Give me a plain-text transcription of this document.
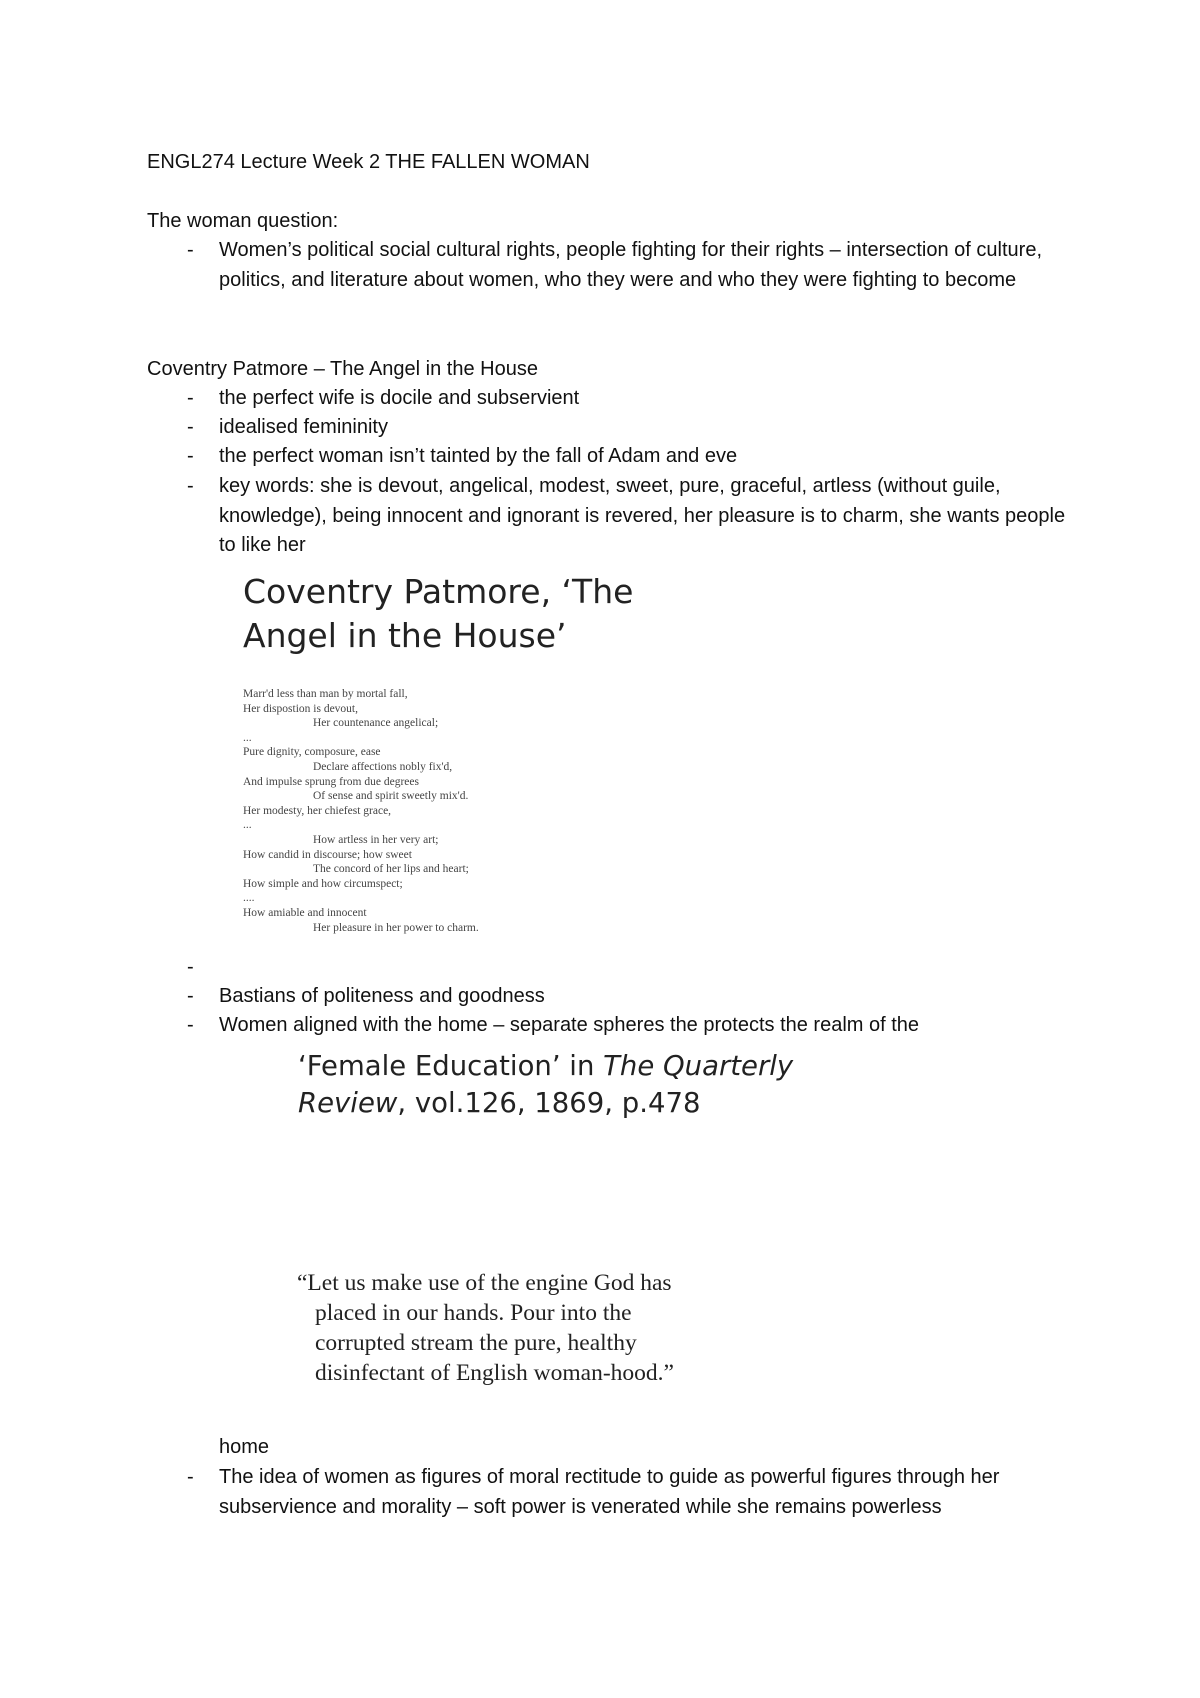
ENGL274 Lecture Week 2 THE FALLEN WOMAN
The woman question:
- Women’s political social cultural rights, people fighting for their rights – intersection of culture, politics, and literature about women, who they were and who they were fighting to become
Coventry Patmore – The Angel in the House
- the perfect wife is docile and subservient
- idealised femininity
- the perfect woman isn’t tainted by the fall of Adam and eve
- key words: she is devout, angelical, modest, sweet, pure, graceful, artless (without guile, knowledge), being innocent and ignorant is revered, her pleasure is to charm, she wants people to like her
Coventry Patmore, ‘The
Angel in the House’
Marr'd less than man by mortal fall,
Her dispostion is devout,
Her countenance angelical;
...
Pure dignity, composure, ease
Declare affections nobly fix'd,
And impulse sprung from due degrees
Of sense and spirit sweetly mix'd.
Her modesty, her chiefest grace,
...
How artless in her very art;
How candid in discourse; how sweet
The concord of her lips and heart;
How simple and how circumspect;
....
How amiable and innocent
Her pleasure in her power to charm.
-
- Bastians of politeness and goodness
- Women aligned with the home – separate spheres the protects the realm of the
‘Female Education’ in The Quarterly
Review, vol.126, 1869, p.478
“Let us make use of the engine God has
placed in our hands. Pour into the
corrupted stream the pure, healthy
disinfectant of English woman-hood.”
home
- The idea of women as figures of moral rectitude to guide as powerful figures through her subservience and morality – soft power is venerated while she remains powerless
